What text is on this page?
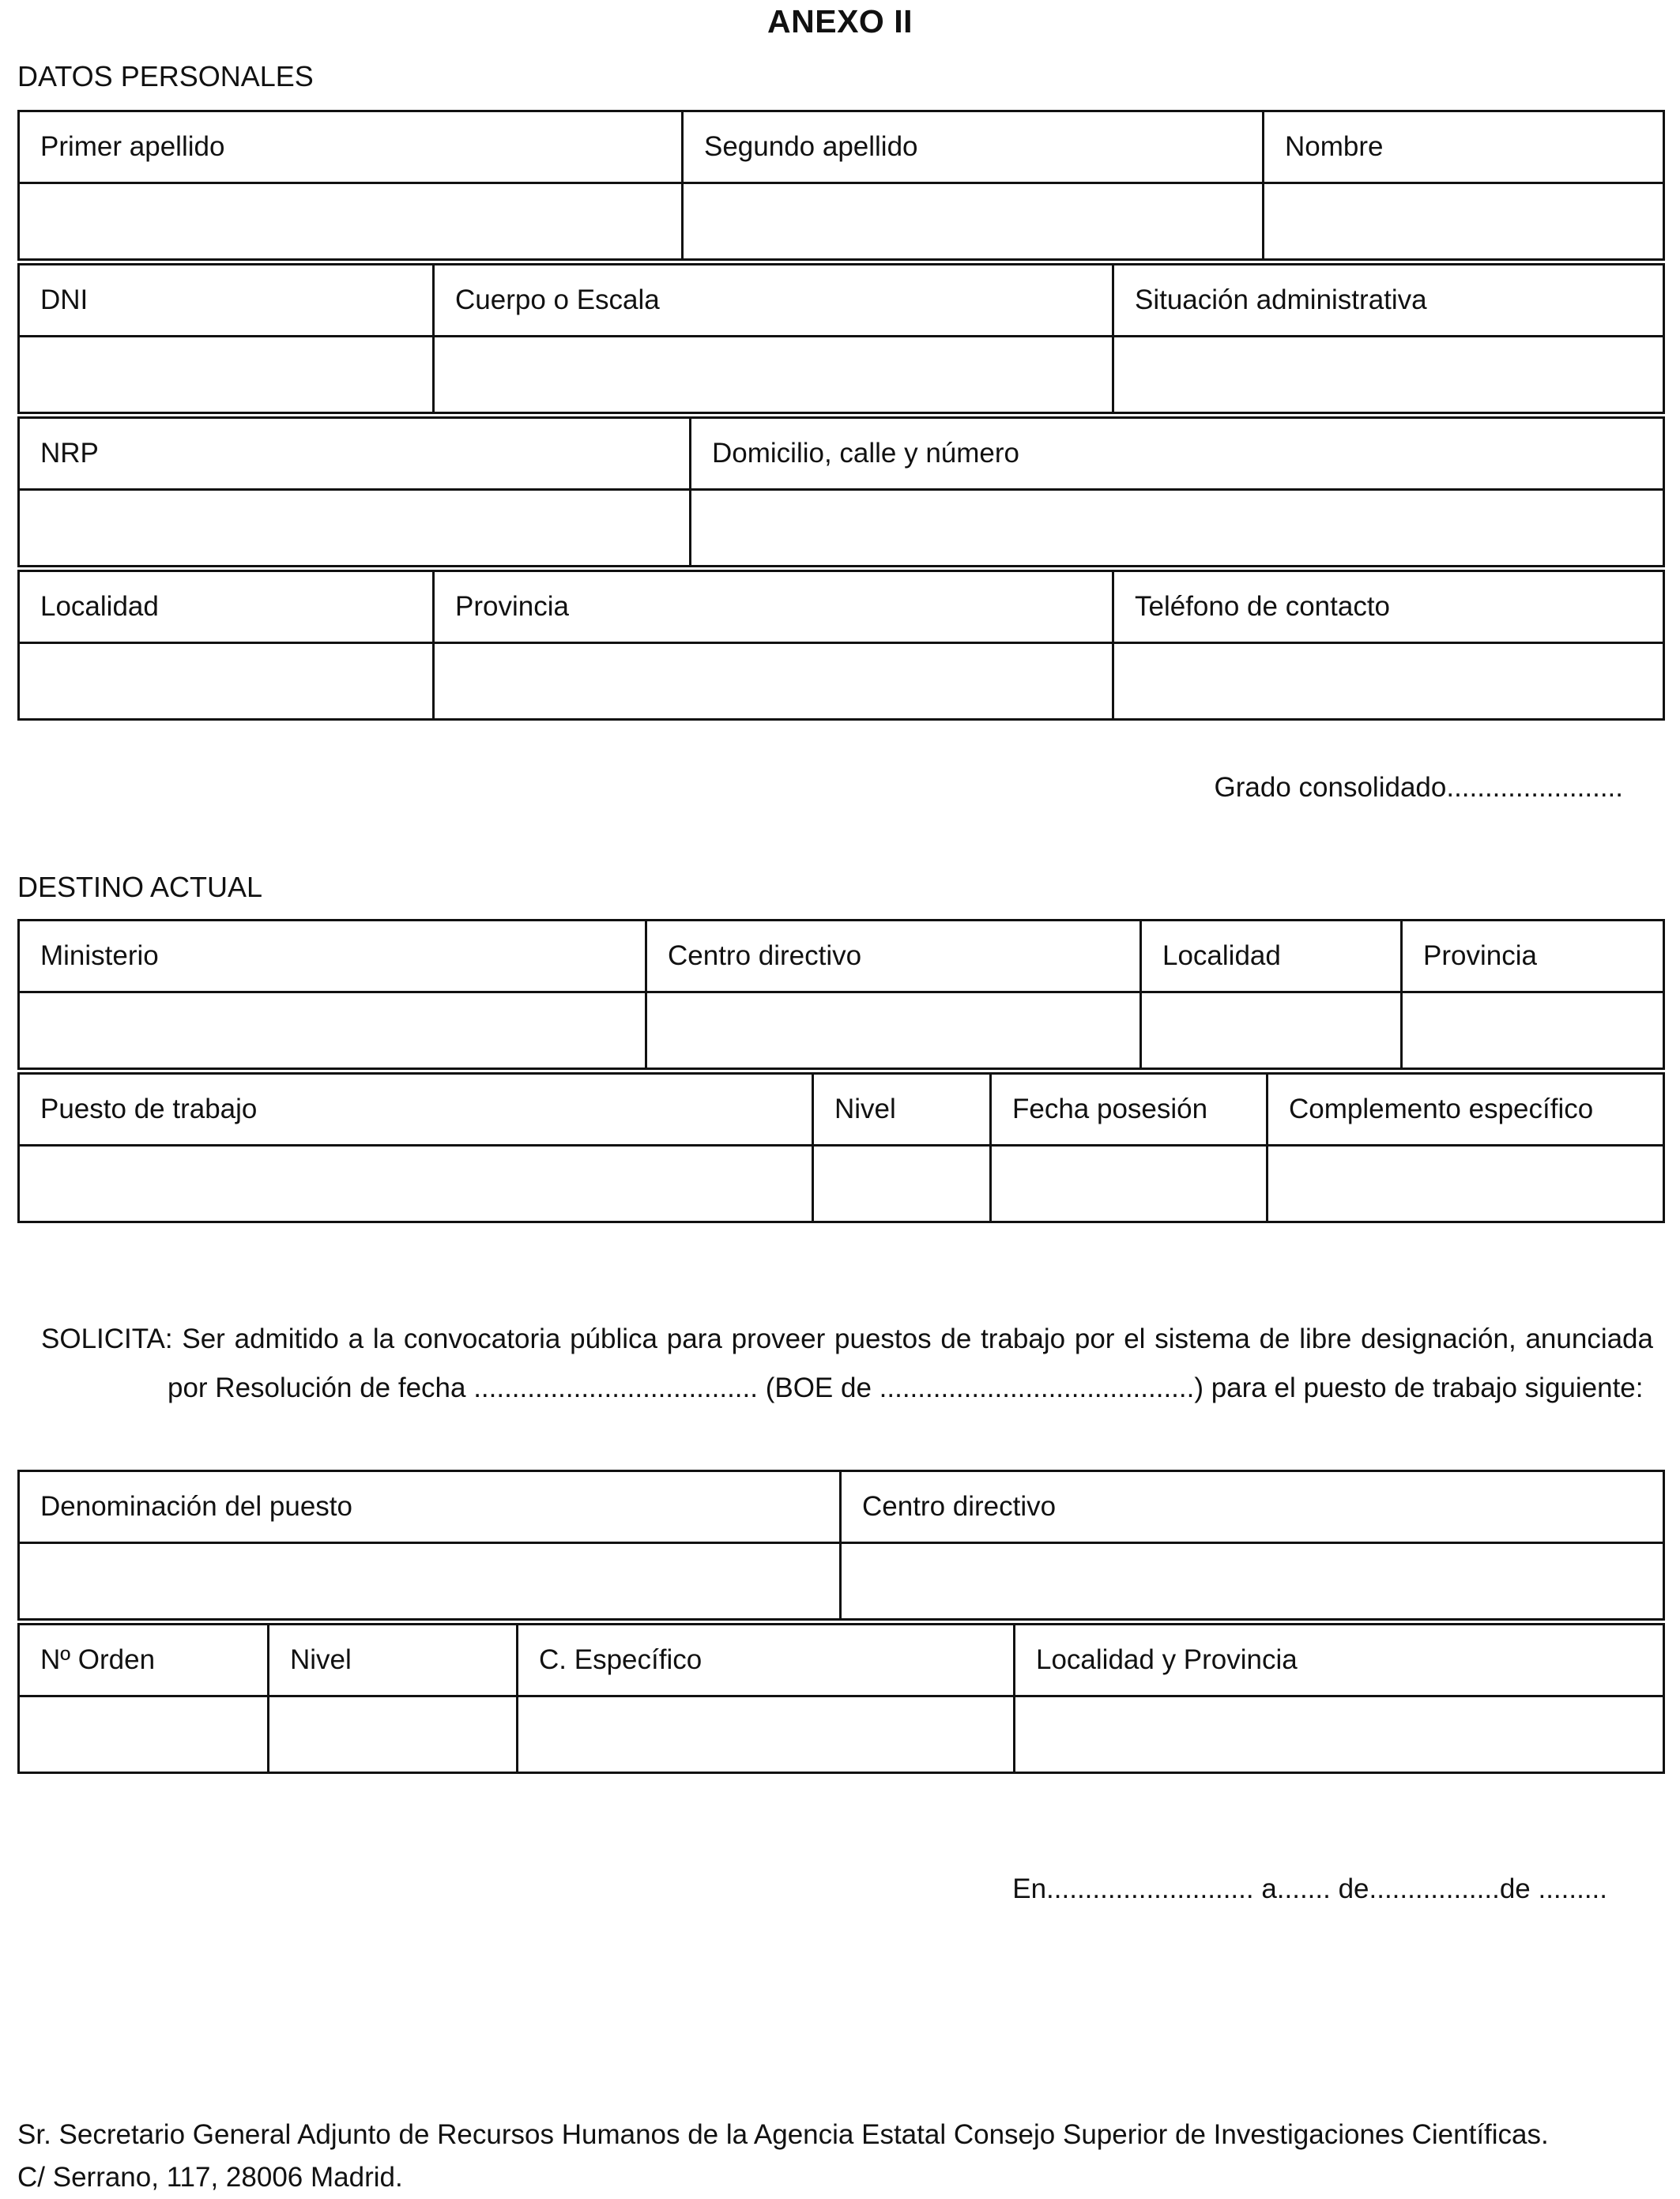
ANEXO II
DATOS PERSONALES
Primer apellido	Segundo apellido	Nombre

DNI	Cuerpo o Escala	Situación administrativa

NRP	Domicilio, calle y número

Localidad	Provincia	Teléfono de contacto

Grado consolidado.......................
DESTINO ACTUAL
Ministerio	Centro directivo	Localidad	Provincia

Puesto de trabajo	Nivel	Fecha posesión	Complemento específico

SOLICITA: Ser admitido a la convocatoria pública para proveer puestos de trabajo por el sistema de libre designación, anunciada
por Resolución de fecha ..................................... (BOE de .........................................) para el puesto de trabajo siguiente:
Denominación del puesto	Centro directivo

Nº Orden	Nivel	C. Específico	Localidad y Provincia

En........................... a....... de.................de .........
Sr. Secretario General Adjunto de Recursos Humanos de la Agencia Estatal Consejo Superior de Investigaciones Científicas.
C/ Serrano, 117, 28006 Madrid.
